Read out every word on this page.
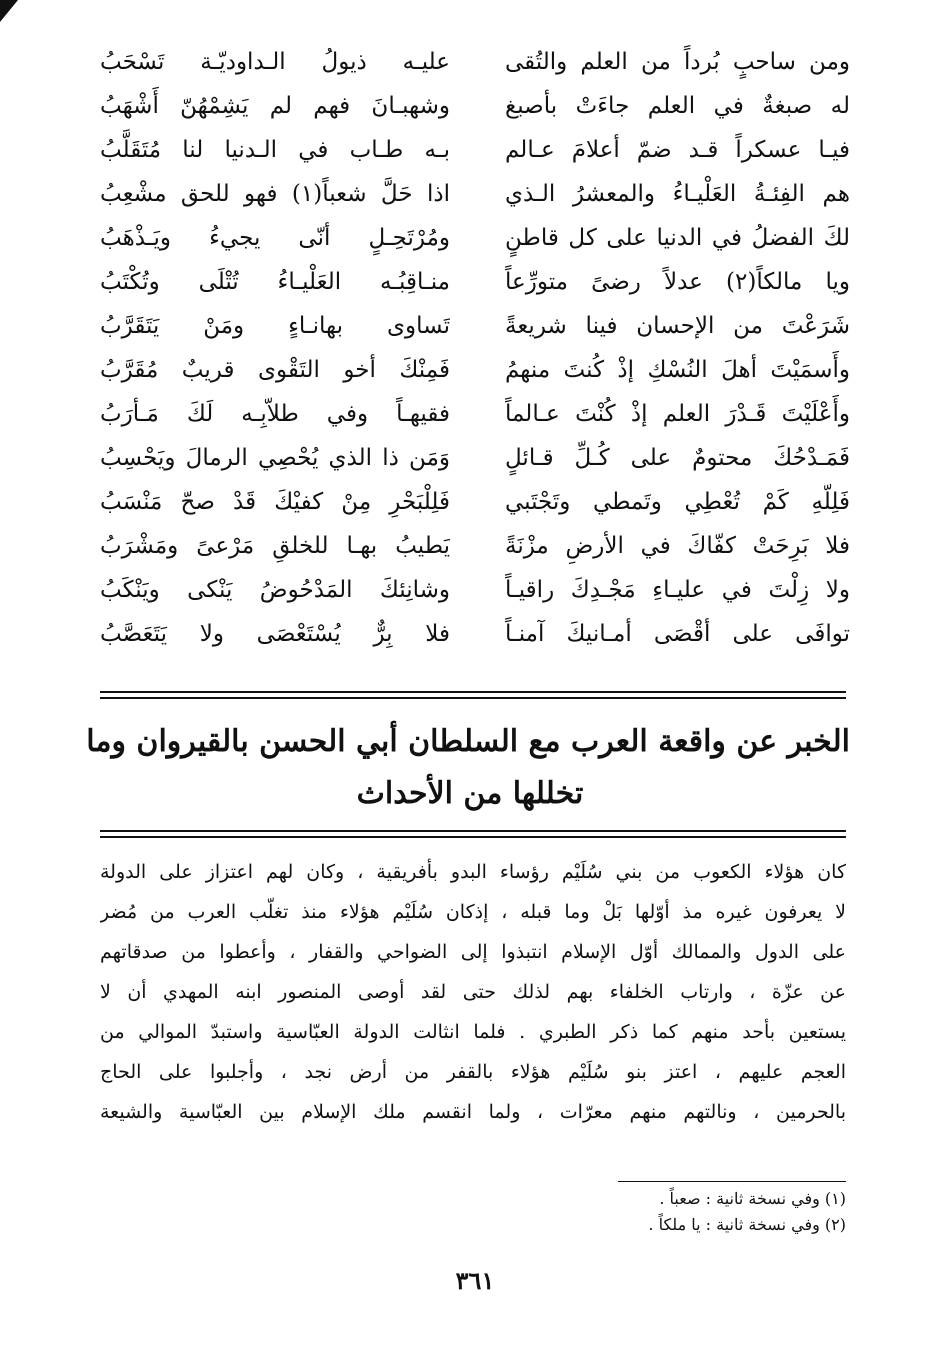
ومن ساحبٍ بُرداً من العلم والتُقى
عليـه ذيولُ الـداوديّـة تَسْحَبُ
له صبغةٌ في العلم جاءَتْ بأصبغ
وشهبـانَ فهم لم يَشِمْهُنّ أَشْهَبُ
فيـا عسكراً قـد ضمّ أعلامَ عـالم
بـه طـاب في الـدنيا لنا مُتَقَلَّبُ
هم الفِئـةُ العَلْيـاءُ والمعشرُ الـذي
اذا حَلَّ شعباً(١) فهو للحق مشْعِبُ
لكَ الفضلُ في الدنيا على كل قاطنٍ
ومُرْتَحِـلٍ أنّى يجيءُ ويَـذْهَبُ
ويا مالكاً(٢) عدلاً رضىً متورِّعاً
منـاقِبُـه العَلْيـاءُ تُتْلَى وتُكْتَبُ
شَرَعْتَ من الإحسان فينا شريعةً
تَساوى بهانـاءٍ ومَنْ يَتَقَرَّبُ
وأَسمَيْتَ أهلَ النُسْكِ إذْ كُنتَ منهمُ
فَمِنْكَ أخو التَقْوى قريبٌ مُقَرَّبُ
وأَعْلَيْتَ قَـدْرَ العلم إذْ كُنْتَ عـالماً
فقيهـاً وفي طلاّبِـه لَكَ مَـأرَبُ
فَمَـدْحُكَ محتومٌ على كُـلِّ قـائلٍ
وَمَن ذا الذي يُحْصِي الرمالَ ويَحْسِبُ
فَلِلّهِ كَمْ تُعْطِي وتَمطي وتَجْتَبي
فَلِلْبَحْرِ مِنْ كفيْكَ قَدْ صحّ مَنْسَبُ
فلا بَرِحَتْ كفّاكَ في الأرضِ مزْنَةً
يَطيبُ بهـا للخلقِ مَرْعىً ومَشْرَبُ
ولا زِلْتَ في عليـاءِ مَجْـدِكَ راقيـاً
وشانِئكَ المَدْحُوضُ يَنْكى ويَنْكَبُ
توافَى على أقْصَى أمـانيكَ آمنـاً
فلا بِرٌّ يُسْتَعْصَى ولا يَتَعَصَّبُ
الخبر عن واقعة العرب مع السلطان أبي الحسن بالقيروان وما
تخللها من الأحداث
كان هؤلاء الكعوب من بني سُلَيْم رؤساء البدو بأفريقية ، وكان لهم اعتزاز على الدولة
لا يعرفون غيره مذ أوّلها بَلْ وما قبله ، إذكان سُلَيْم هؤلاء منذ تغلّب العرب من مُضر
على الدول والممالك أوّل الإسلام انتبذوا إلى الضواحي والقفار ، وأعطوا من صدقاتهم
عن عزّة ، وارتاب الخلفاء بهم لذلك حتى لقد أوصى المنصور ابنه المهدي أن لا
يستعين بأحد منهم كما ذكر الطبري . فلما انثالت الدولة العبّاسية واستبدّ الموالي من
العجم عليهم ، اعتز بنو سُلَيْم هؤلاء بالقفر من أرض نجد ، وأجلبوا على الحاج
بالحرمين ، ونالتهم منهم معرّات ، ولما انقسم ملك الإسلام بين العبّاسية والشيعة
(١) وفي نسخة ثانية : صعباً .
(٢) وفي نسخة ثانية : يا ملكاً .
٣٦١
